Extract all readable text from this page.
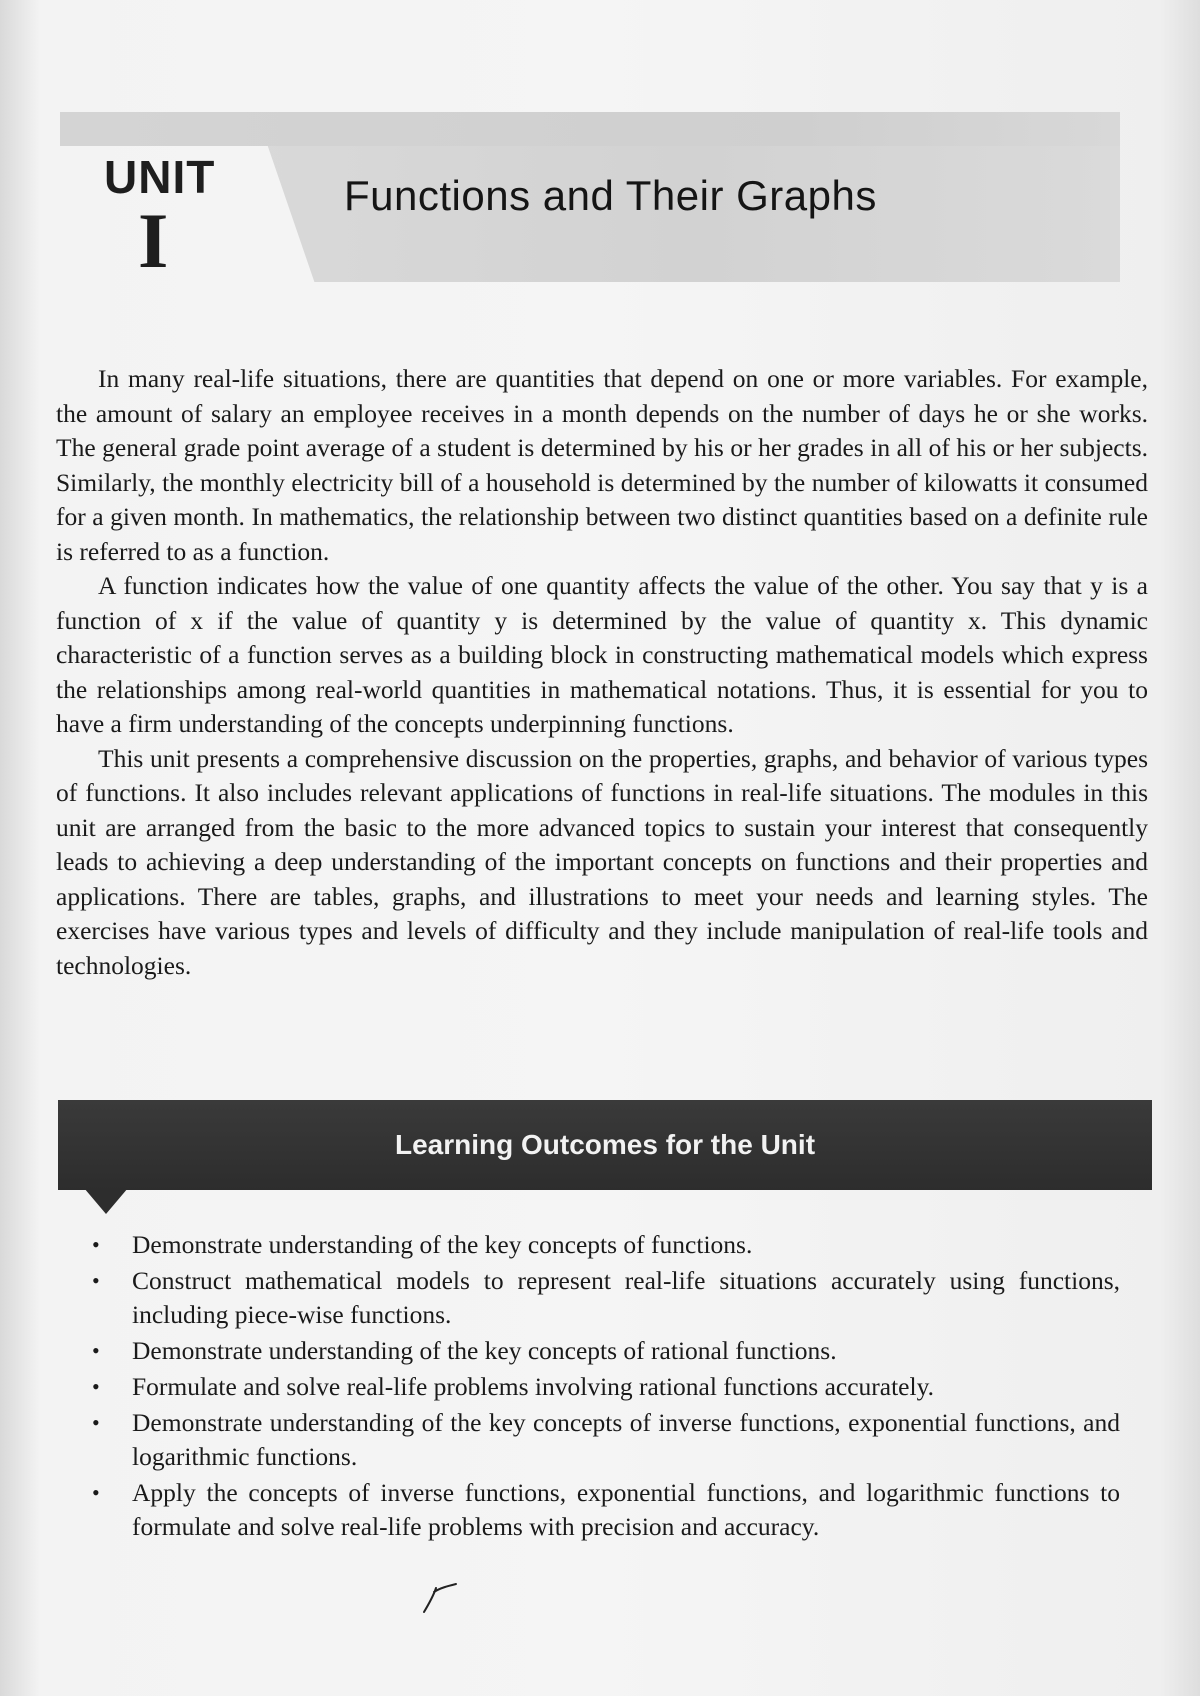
UNIT
I
Functions and Their Graphs

In many real-life situations, there are quantities that depend on one or more variables. For example, the amount of salary an employee receives in a month depends on the number of days he or she works. The general grade point average of a student is determined by his or her grades in all of his or her subjects. Similarly, the monthly electricity bill of a household is determined by the number of kilowatts it consumed for a given month. In mathematics, the relationship between two distinct quantities based on a definite rule is referred to as a function.

A function indicates how the value of one quantity affects the value of the other. You say that y is a function of x if the value of quantity y is determined by the value of quantity x. This dynamic characteristic of a function serves as a building block in constructing mathematical models which express the relationships among real-world quantities in mathematical notations. Thus, it is essential for you to have a firm understanding of the concepts underpinning functions.

This unit presents a comprehensive discussion on the properties, graphs, and behavior of various types of functions. It also includes relevant applications of functions in real-life situations. The modules in this unit are arranged from the basic to the more advanced topics to sustain your interest that consequently leads to achieving a deep understanding of the important concepts on functions and their properties and applications. There are tables, graphs, and illustrations to meet your needs and learning styles. The exercises have various types and levels of difficulty and they include manipulation of real-life tools and technologies.

Learning Outcomes for the Unit
• Demonstrate understanding of the key concepts of functions.
• Construct mathematical models to represent real-life situations accurately using functions, including piece-wise functions.
• Demonstrate understanding of the key concepts of rational functions.
• Formulate and solve real-life problems involving rational functions accurately.
• Demonstrate understanding of the key concepts of inverse functions, exponential functions, and logarithmic functions.
• Apply the concepts of inverse functions, exponential functions, and logarithmic functions to formulate and solve real-life problems with precision and accuracy.
